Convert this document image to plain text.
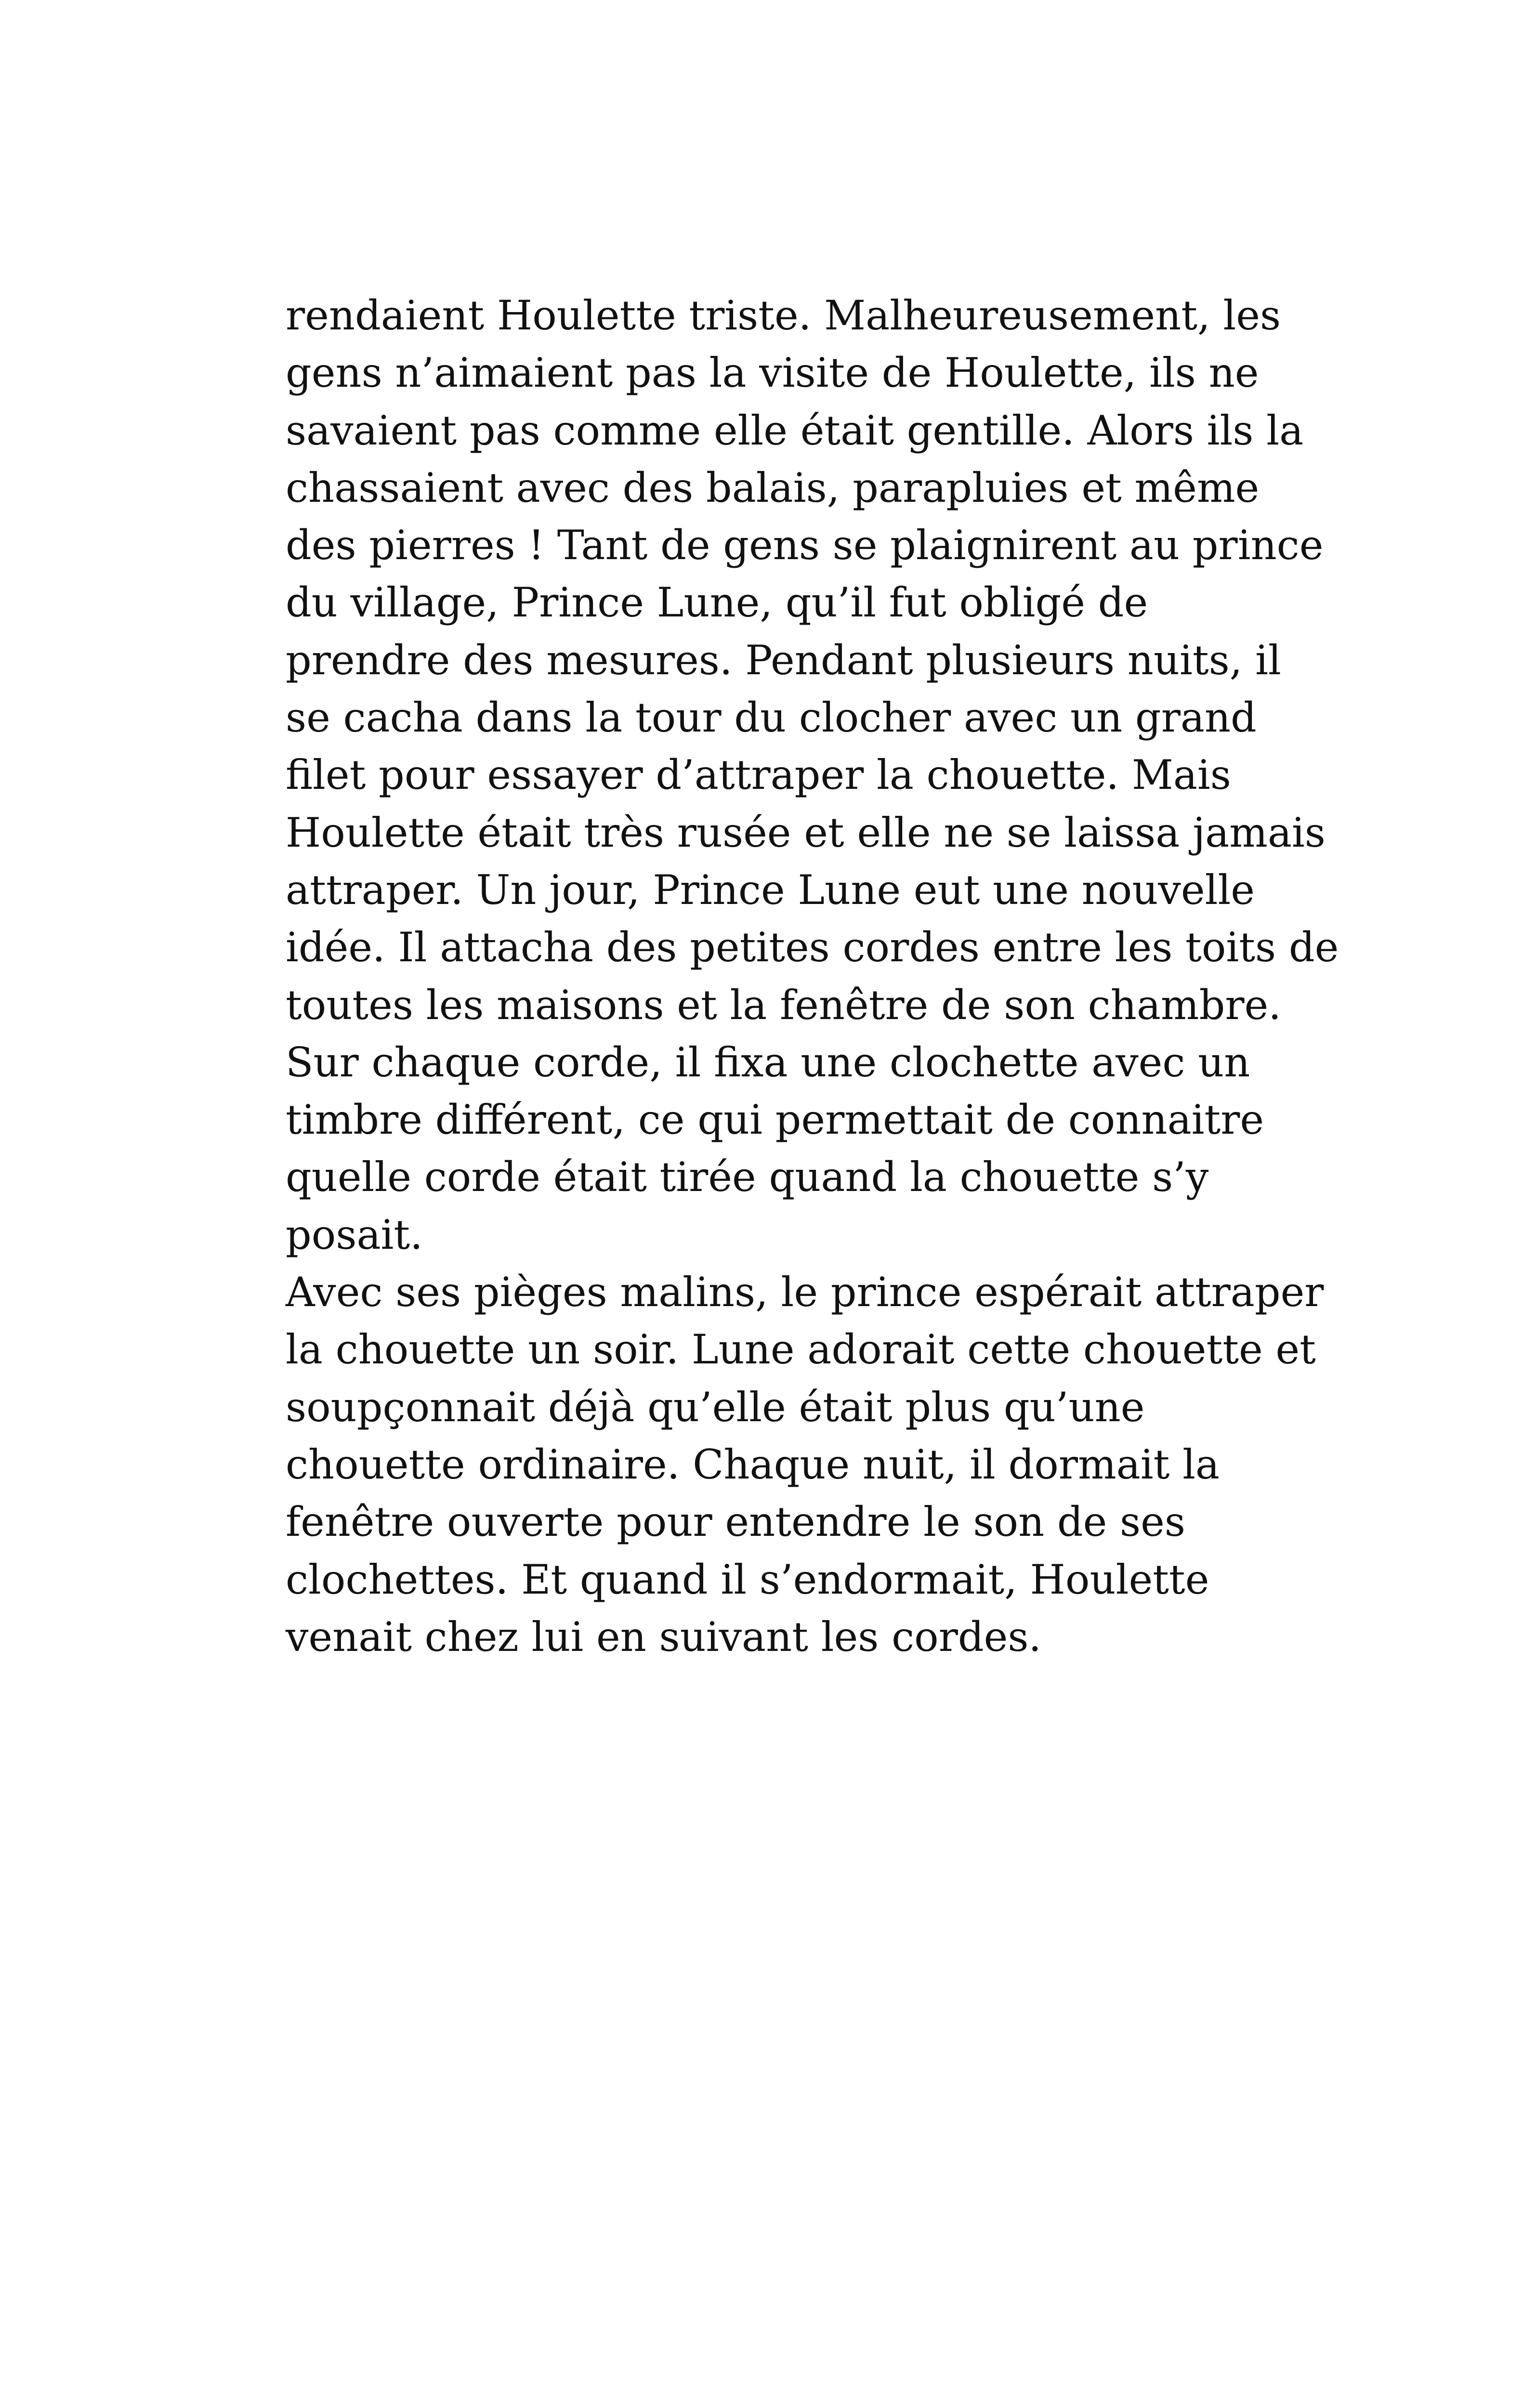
rendaient Houlette triste. Malheureusement, les
gens n’aimaient pas la visite de Houlette, ils ne
savaient pas comme elle était gentille. Alors ils la
chassaient avec des balais, parapluies et même
des pierres ! Tant de gens se plaignirent au prince
du village, Prince Lune, qu’il fut obligé de
prendre des mesures. Pendant plusieurs nuits, il
se cacha dans la tour du clocher avec un grand
filet pour essayer d’attraper la chouette. Mais
Houlette était très rusée et elle ne se laissa jamais
attraper. Un jour, Prince Lune eut une nouvelle
idée. Il attacha des petites cordes entre les toits de
toutes les maisons et la fenêtre de son chambre.
Sur chaque corde, il fixa une clochette avec un
timbre différent, ce qui permettait de connaitre
quelle corde était tirée quand la chouette s’y
posait.
Avec ses pièges malins, le prince espérait attraper
la chouette un soir. Lune adorait cette chouette et
soupçonnait déjà qu’elle était plus qu’une
chouette ordinaire. Chaque nuit, il dormait la
fenêtre ouverte pour entendre le son de ses
clochettes. Et quand il s’endormait, Houlette
venait chez lui en suivant les cordes.
